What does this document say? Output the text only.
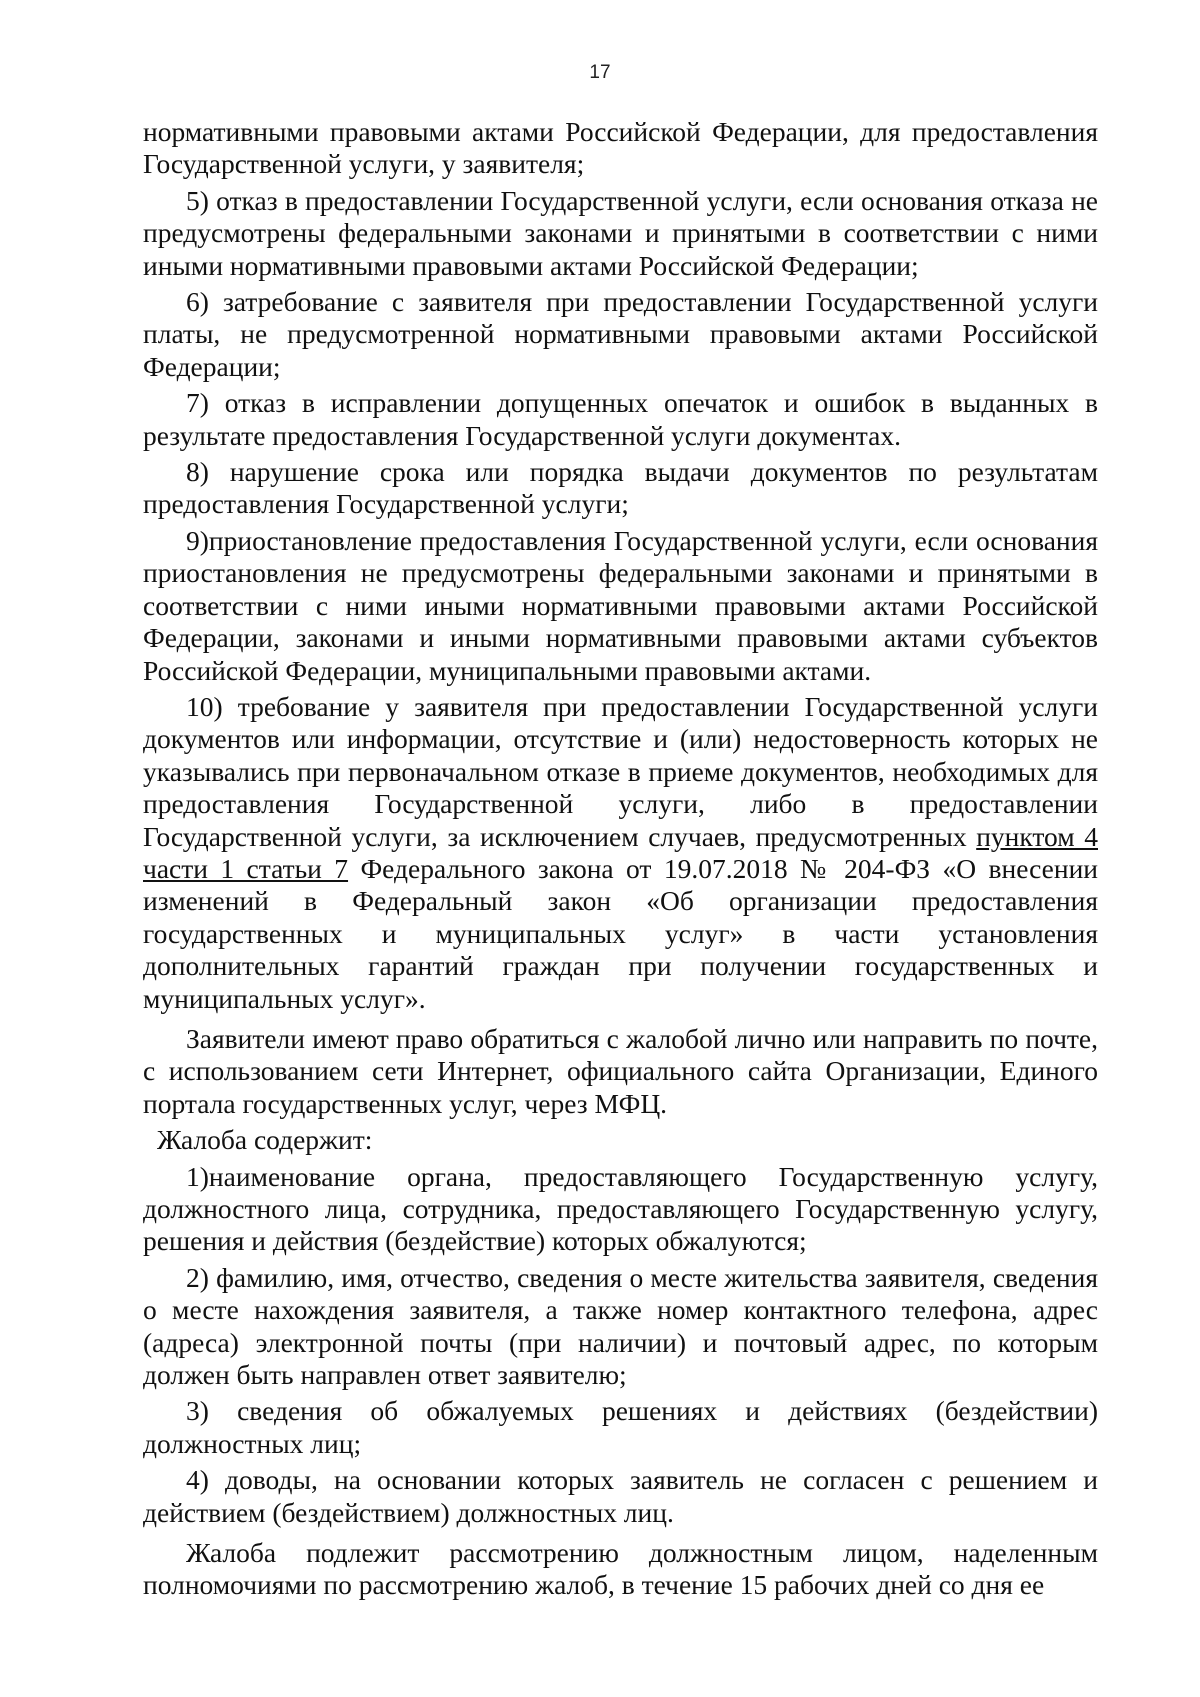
17

нормативными правовыми актами Российской Федерации, для предоставления Государственной услуги, у заявителя;

5) отказ в предоставлении Государственной услуги, если основания отказа не предусмотрены федеральными законами и принятыми в соответствии с ними иными нормативными правовыми актами Российской Федерации;

6) затребование с заявителя при предоставлении Государственной услуги платы, не предусмотренной нормативными правовыми актами Российской Федерации;

7) отказ в исправлении допущенных опечаток и ошибок в выданных в результате предоставления Государственной услуги документах.

8) нарушение срока или порядка выдачи документов по результатам предоставления Государственной услуги;

9)приостановление предоставления Государственной услуги, если основания приостановления не предусмотрены федеральными законами и принятыми в соответствии с ними иными нормативными правовыми актами Российской Федерации, законами и иными нормативными правовыми актами субъектов Российской Федерации, муниципальными правовыми актами.

10) требование у заявителя при предоставлении Государственной услуги документов или информации, отсутствие и (или) недостоверность которых не указывались при первоначальном отказе в приеме документов, необходимых для предоставления Государственной услуги, либо в предоставлении Государственной услуги, за исключением случаев, предусмотренных пунктом 4 части 1 статьи 7 Федерального закона от 19.07.2018 № 204-ФЗ «О внесении изменений в Федеральный закон «Об организации предоставления государственных и муниципальных услуг» в части установления дополнительных гарантий граждан при получении государственных и муниципальных услуг».

Заявители имеют право обратиться с жалобой лично или направить по почте, с использованием сети Интернет, официального сайта Организации, Единого портала государственных услуг, через МФЦ.

Жалоба содержит:

1)наименование органа, предоставляющего Государственную услугу, должностного лица, сотрудника, предоставляющего Государственную услугу, решения и действия (бездействие) которых обжалуются;

2) фамилию, имя, отчество, сведения о месте жительства заявителя, сведения о месте нахождения заявителя, а также номер контактного телефона, адрес (адреса) электронной почты (при наличии) и почтовый адрес, по которым должен быть направлен ответ заявителю;

3) сведения об обжалуемых решениях и действиях (бездействии) должностных лиц;

4) доводы, на основании которых заявитель не согласен с решением и действием (бездействием) должностных лиц.

Жалоба подлежит рассмотрению должностным лицом, наделенным полномочиями по рассмотрению жалоб, в течение 15 рабочих дней со дня ее
